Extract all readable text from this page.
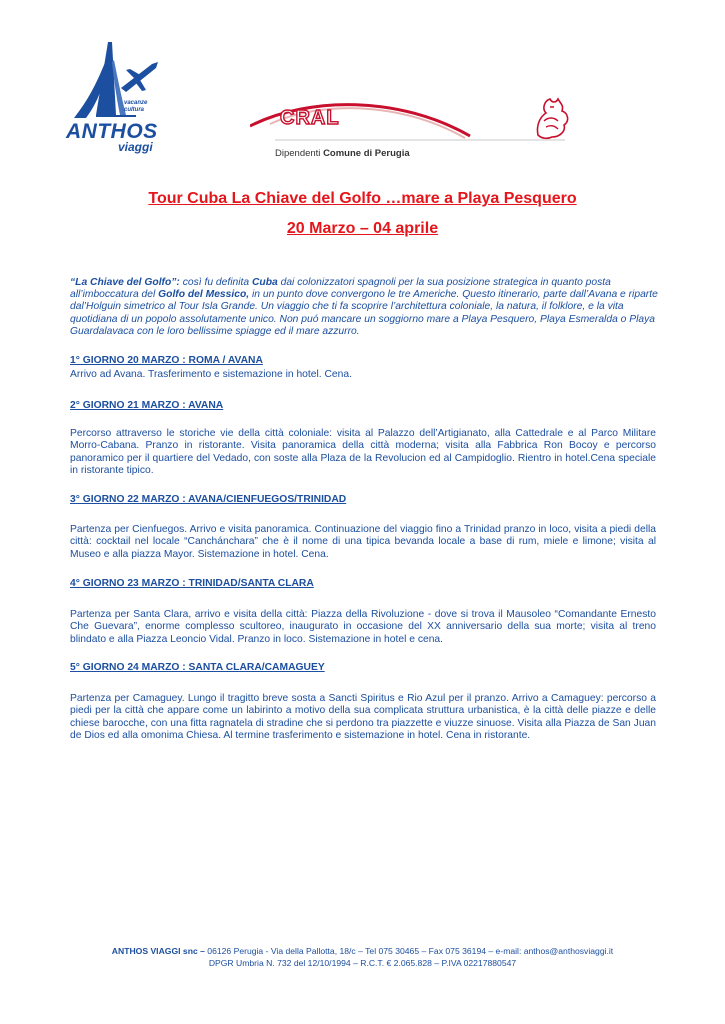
vacanze
cultura
ANTHOS
viaggi
CRAL
Dipendenti Comune di Perugia
Tour Cuba La Chiave del Golfo …mare a Playa Pesquero
20 Marzo – 04 aprile
“La Chiave del Golfo”: così fu definita Cuba dai colonizzatori spagnoli per la sua posizione strategica in quanto posta all’imboccatura del Golfo del Messico, in un punto dove convergono le tre Americhe. Questo itinerario, parte dall’Avana e riparte dal’Holguin simetrico al Tour Isla Grande. Un viaggio che ti fa scoprire l’architettura coloniale, la natura, il folklore, e la vita quotidiana di un popolo assolutamente unico. Non puó mancare un soggiorno mare a Playa Pesquero, Playa Esmeralda o Playa Guardalavaca con le loro bellissime spiagge ed il mare azzurro.
1° GIORNO 20 MARZO : ROMA / AVANA
Arrivo ad Avana. Trasferimento e sistemazione in hotel. Cena.
2° GIORNO 21 MARZO : AVANA
Percorso attraverso le storiche vie della città coloniale: visita al Palazzo dell’Artigianato, alla Cattedrale e al Parco Militare Morro-Cabana. Pranzo in ristorante. Visita panoramica della città moderna; visita alla Fabbrica Ron Bocoy e percorso panoramico per il quartiere del Vedado, con soste alla Plaza de la Revolucion ed al Campidoglio. Rientro in hotel.Cena speciale in ristorante tipico.
3° GIORNO 22 MARZO : AVANA/CIENFUEGOS/TRINIDAD
Partenza per Cienfuegos. Arrivo e visita panoramica. Continuazione del viaggio fino a Trinidad pranzo in loco, visita a piedi della città: cocktail nel locale “Canchánchara” che è il nome di una tipica bevanda locale a base di rum, miele e limone; visita al Museo e alla piazza Mayor. Sistemazione in hotel. Cena.
4° GIORNO 23 MARZO : TRINIDAD/SANTA CLARA
Partenza per Santa Clara, arrivo e visita della città: Piazza della Rivoluzione - dove si trova il Mausoleo “Comandante Ernesto Che Guevara”, enorme complesso scultoreo, inaugurato in occasione del XX anniversario della sua morte; visita al treno blindato e alla Piazza Leoncio Vidal. Pranzo in loco. Sistemazione in hotel e cena.
5° GIORNO 24 MARZO : SANTA CLARA/CAMAGUEY
Partenza per Camaguey. Lungo il tragitto breve sosta a Sancti Spiritus e Rio Azul per il pranzo. Arrivo a Camaguey: percorso a piedi per la città che appare come un labirinto a motivo della sua complicata struttura urbanistica, è la città delle piazze e delle chiese barocche, con una fitta ragnatela di stradine che si perdono tra piazzette e viuzze sinuose. Visita alla Piazza de San Juan de Dios ed alla omonima Chiesa. Al termine trasferimento e sistemazione in hotel. Cena in ristorante.
ANTHOS VIAGGI snc – 06126 Perugia - Via della Pallotta, 18/c – Tel 075 30465 – Fax 075 36194 – e-mail: anthos@anthosviaggi.it
DPGR Umbria N. 732 del 12/10/1994 – R.C.T. € 2.065.828 – P.IVA 02217880547
